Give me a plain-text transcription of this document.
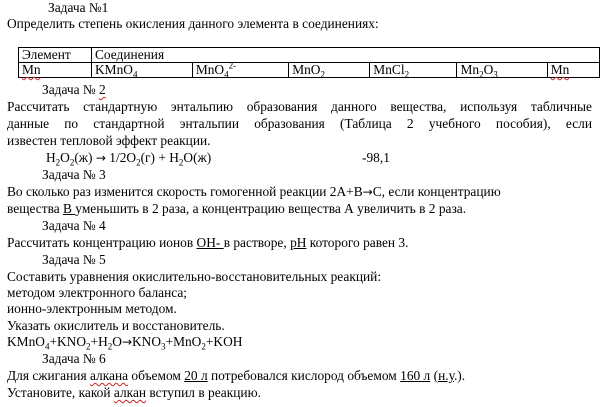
Задача №1
Определить степень окисления данного элемента в соединениях:
Элемент	Соединения					
Mn	KMnO$_4$	MnO$_4^{2-}$	MnO$_2$	MnCl$_2$	$Mn_2O_3$	Mn
Задача № 2
Рассчитать стандартную энтальпию образования данного вещества, используя табличные
данные по стандартной энтальпии образования (Таблица 2 учебного пособия), если
известен тепловой эффект реакции.
$H_2O_2(ж) \to 1/2O_2(г) + H_2O(ж)$	-98,1
Задача № 3
Во сколько раз изменится скорость гомогенной реакции 2А+В→С, если концентрацию
вещества В уменьшить в 2 раза, а концентрацию вещества А увеличить в 2 раза.
Задача № 4
Рассчитать концентрацию ионов ОН- в растворе, рН которого равен 3.
Задача № 5
Составить уравнения окислительно-восстановительных реакций:
методом электронного баланса;
ионно-электронным методом.
Указать окислитель и восстановитель.
$KMnO_4+KNO_2+H_2O\to KNO_3+MnO_2+KOH$
Задача № 6
Для сжигания алкана объемом 20 л потребовался кислород объемом 160 л (н.у.).
Установите, какой алкан вступил в реакцию.
